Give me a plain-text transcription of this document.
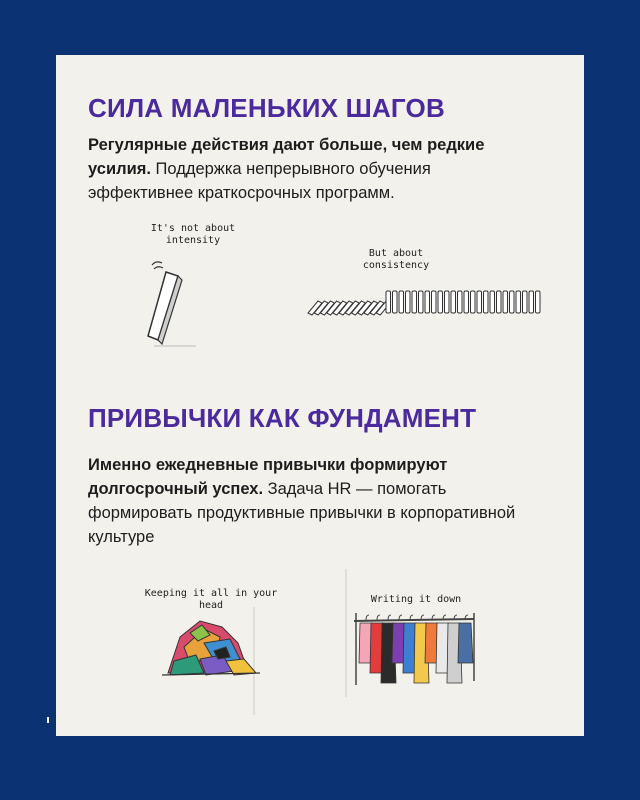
СИЛА МАЛЕНЬКИХ ШАГОВ

Регулярные действия дают больше, чем редкие усилия. Поддержка непрерывного обучения эффективнее краткосрочных программ.

It's not about intensity
But about consistency
ПРИВЫЧКИ КАК ФУНДАМЕНТ

Именно ежедневные привычки формируют долгосрочный успех. Задача HR — помогать формировать продуктивные привычки в корпоративной культуре

Keeping it all in your head
Writing it down
